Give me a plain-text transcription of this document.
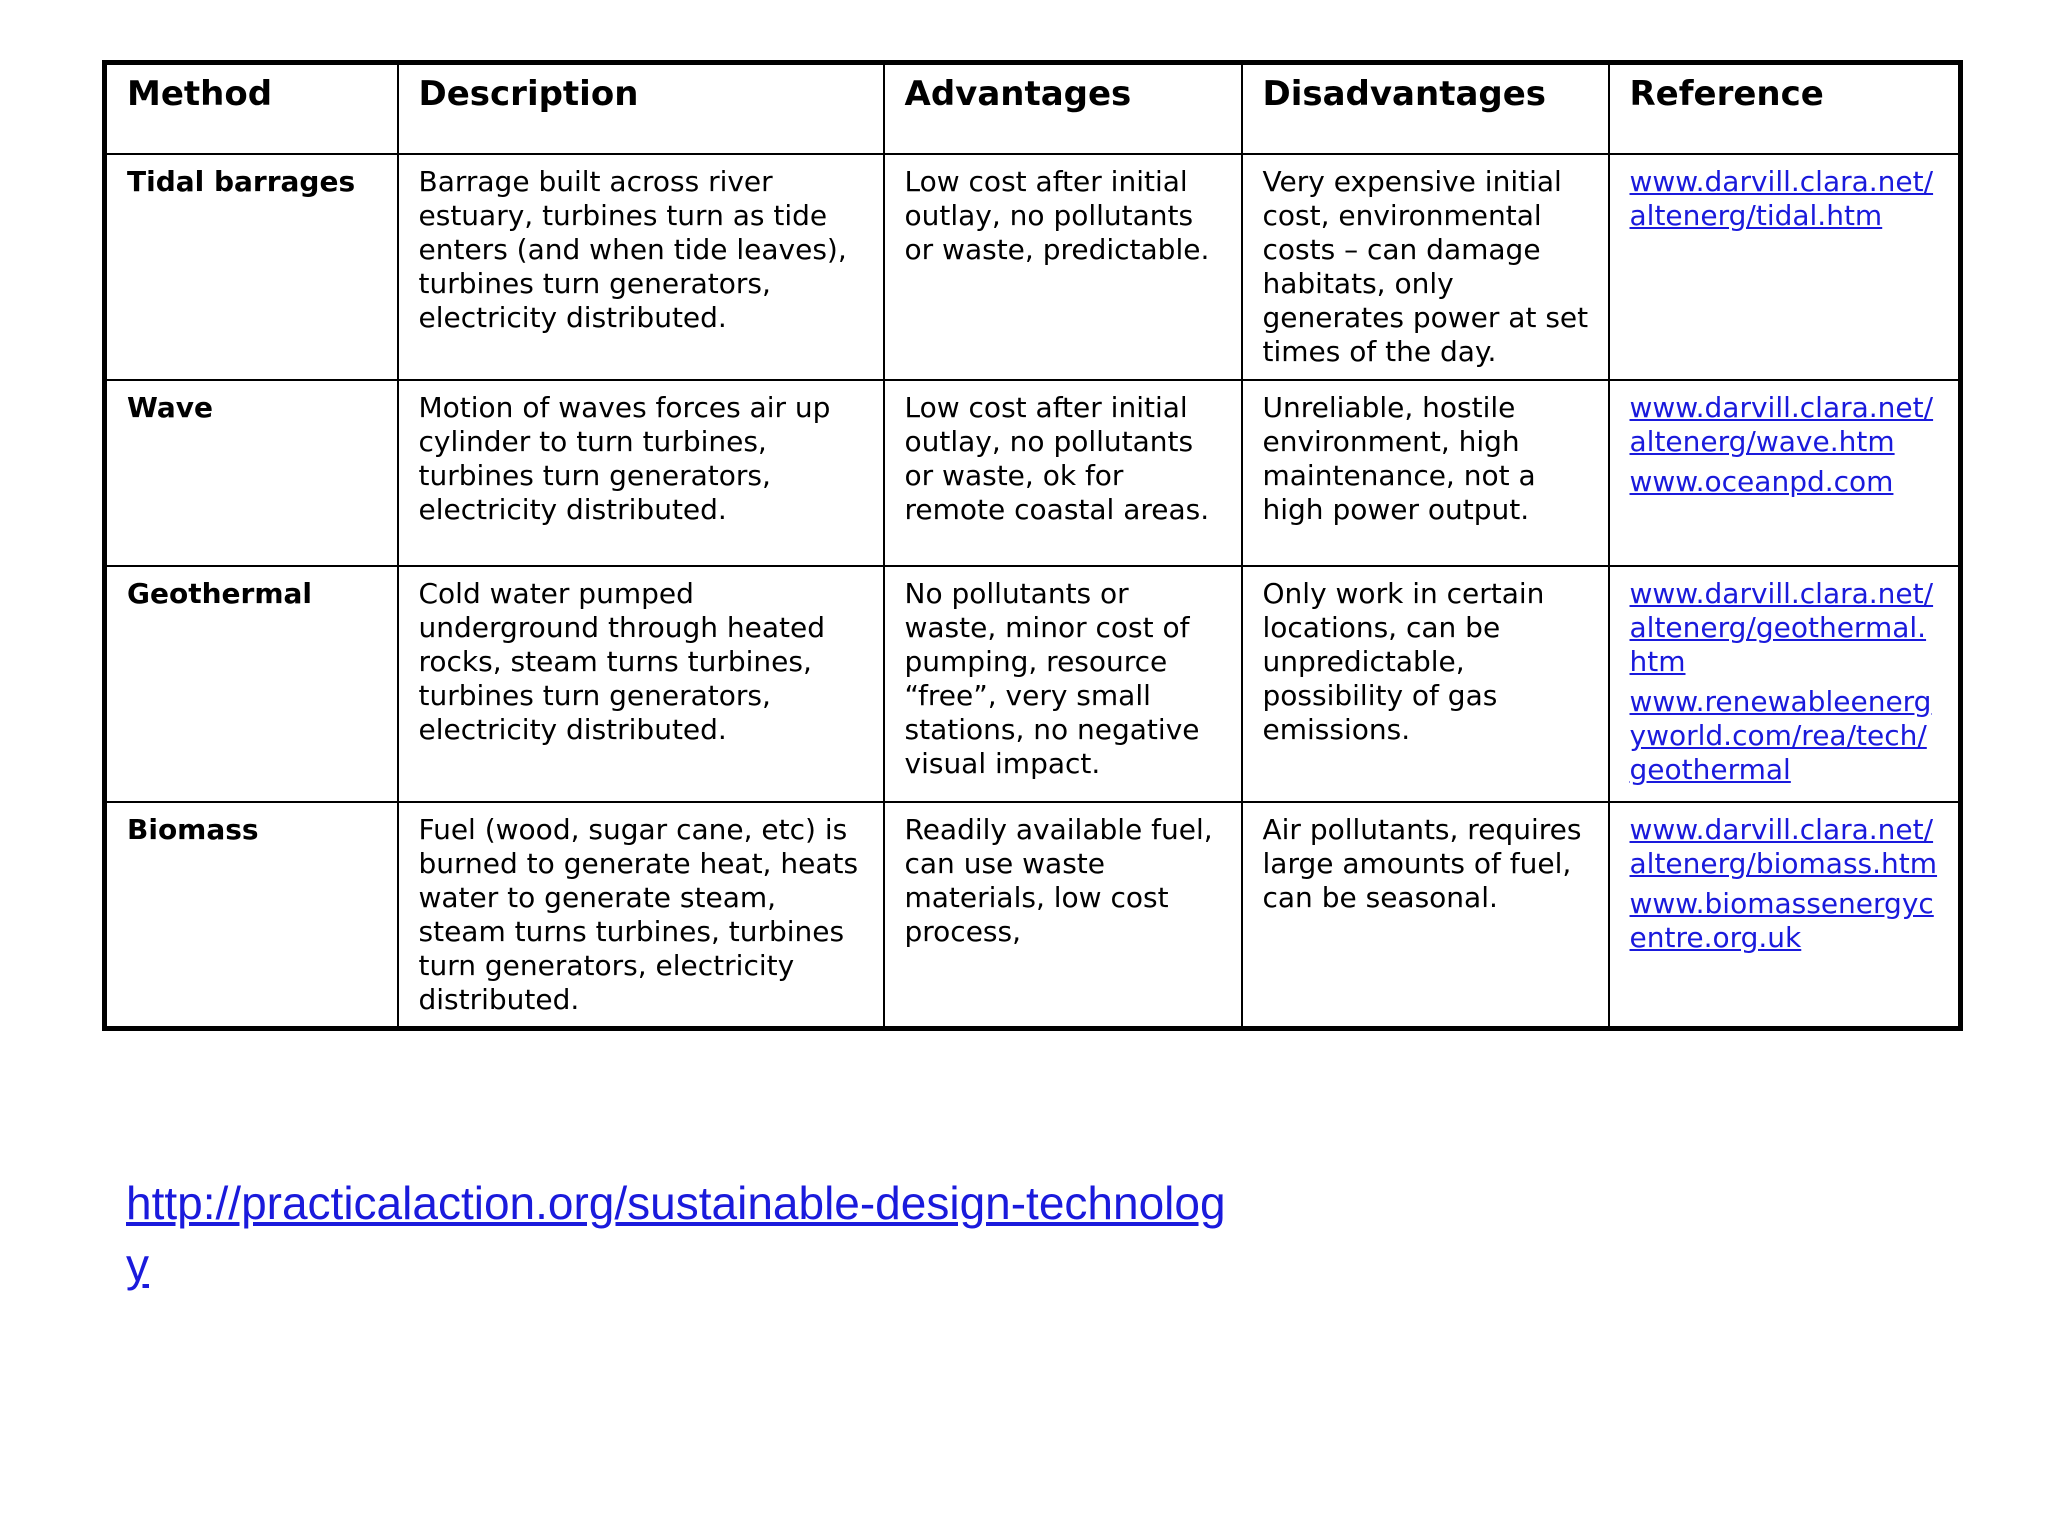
Method	Description	Advantages	Disadvantages	Reference
Tidal barrages	Barrage built across river estuary, turbines turn as tide enters (and when tide leaves), turbines turn generators, electricity distributed.	Low cost after initial outlay, no pollutants or waste, predictable.	Very expensive initial cost, environmental costs – can damage habitats, only generates power at set times of the day.	www.darvill.clara.net/altenerg/tidal.htm

Wave	Motion of waves forces air up cylinder to turn turbines, turbines turn generators, electricity distributed.	Low cost after initial outlay, no pollutants or waste, ok for remote coastal areas.	Unreliable, hostile environment, high maintenance, not a high power output.	www.darvill.clara.net/altenerg/wave.htm
www.oceanpd.com

Geothermal	Cold water pumped underground through heated rocks, steam turns turbines, turbines turn generators, electricity distributed.	No pollutants or waste, minor cost of pumping, resource “free”, very small stations, no negative visual impact.	Only work in certain locations, can be unpredictable, possibility of gas emissions.	www.darvill.clara.net/altenerg/geothermal.htm
www.renewableenergyworld.com/rea/tech/geothermal

Biomass	Fuel (wood, sugar cane, etc) is burned to generate heat, heats water to generate steam, steam turns turbines, turbines turn generators, electricity distributed.	Readily available fuel, can use waste materials, low cost process,	Air pollutants, requires large amounts of fuel, can be seasonal.	www.darvill.clara.net/altenerg/biomass.htm
www.biomassenergycentre.org.uk
http://practicalaction.org/sustainable-design-technology
